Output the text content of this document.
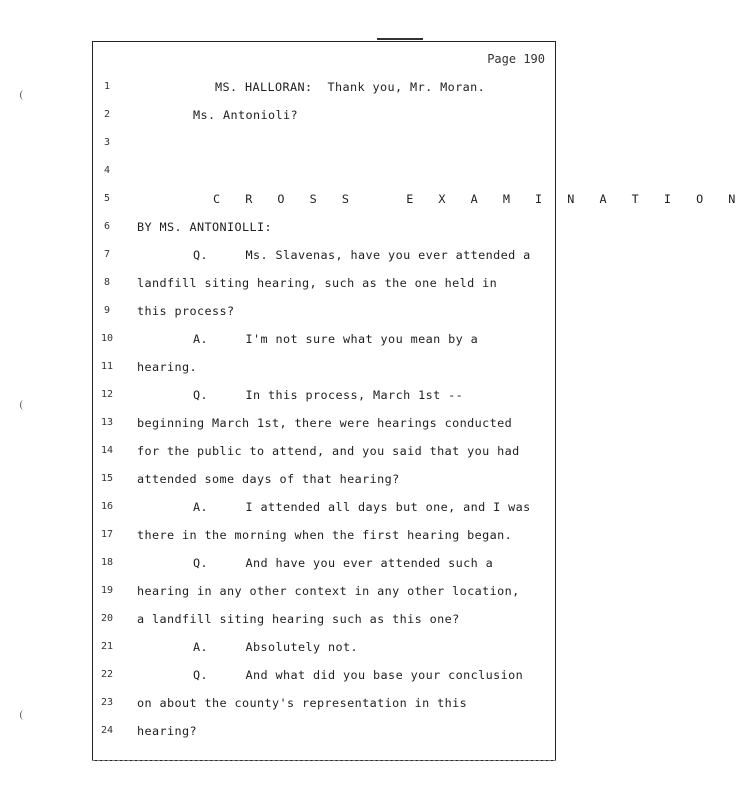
Page 190
1	MS. HALLORAN:  Thank you, Mr. Moran.
2	Ms. Antonioli?
3
4
5	C R O S S   E X A M I N A T I O N
6	BY MS. ANTONIOLLI:
7	Q.     Ms. Slavenas, have you ever attended a
8	landfill siting hearing, such as the one held in
9	this process?
10	A.     I'm not sure what you mean by a
11	hearing.
12	Q.     In this process, March 1st --
13	beginning March 1st, there were hearings conducted
14	for the public to attend, and you said that you had
15	attended some days of that hearing?
16	A.     I attended all days but one, and I was
17	there in the morning when the first hearing began.
18	Q.     And have you ever attended such a
19	hearing in any other context in any other location,
20	a landfill siting hearing such as this one?
21	A.     Absolutely not.
22	Q.     And what did you base your conclusion
23	on about the county's representation in this
24	hearing?
